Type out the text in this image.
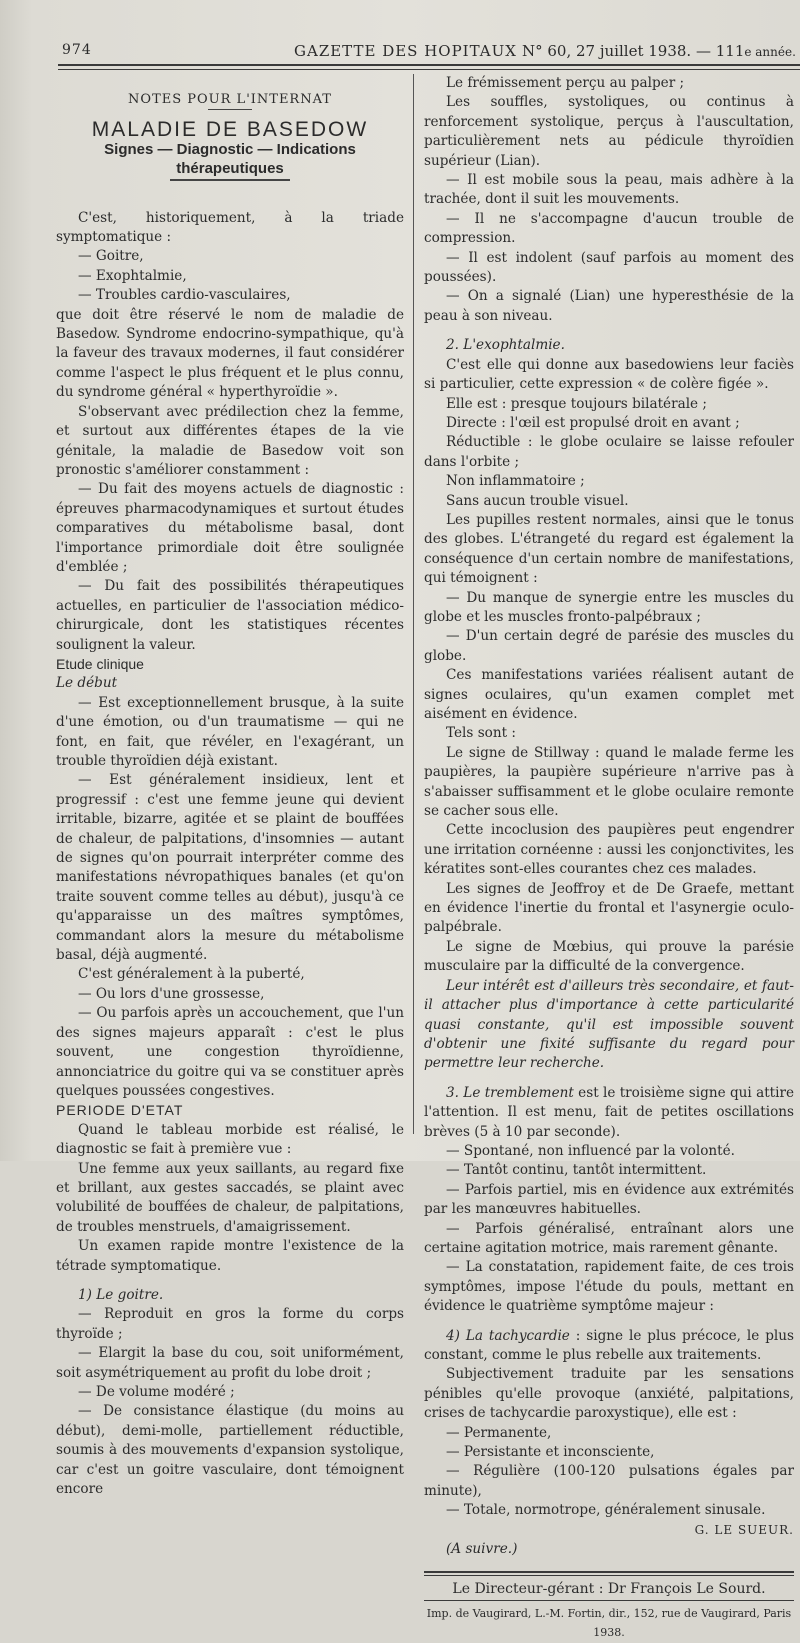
974	GAZETTE DES HOPITAUX N° 60, 27 juillet 1938. — 111e année.

NOTES POUR L'INTERNAT

MALADIE DE BASEDOW

Signes — Diagnostic — Indications thérapeutiques

C'est, historiquement, à la triade symptomatique :

— Goitre,

— Exophtalmie,

— Troubles cardio-vasculaires,

que doit être réservé le nom de maladie de Basedow. Syndrome endocrino-sympathique, qu'à la faveur des travaux modernes, il faut considérer comme l'aspect le plus fréquent et le plus connu, du syndrome général « hyperthyroïdie ».

S'observant avec prédilection chez la femme, et surtout aux différentes étapes de la vie génitale, la maladie de Basedow voit son pronostic s'améliorer constamment :

— Du fait des moyens actuels de diagnostic : épreuves pharmacodynamiques et surtout études comparatives du métabolisme basal, dont l'importance primordiale doit être soulignée d'emblée ;

— Du fait des possibilités thérapeutiques actuelles, en particulier de l'association médico-chirurgicale, dont les statistiques récentes soulignent la valeur.

Etude clinique

Le début

— Est exceptionnellement brusque, à la suite d'une émotion, ou d'un traumatisme — qui ne font, en fait, que révéler, en l'exagérant, un trouble thyroïdien déjà existant.

— Est généralement insidieux, lent et progressif : c'est une femme jeune qui devient irritable, bizarre, agitée et se plaint de bouffées de chaleur, de palpitations, d'insomnies — autant de signes qu'on pourrait interpréter comme des manifestations névropathiques banales (et qu'on traite souvent comme telles au début), jusqu'à ce qu'apparaisse un des maîtres symptômes, commandant alors la mesure du métabolisme basal, déjà augmenté.

C'est généralement à la puberté,

— Ou lors d'une grossesse,

— Ou parfois après un accouchement, que l'un des signes majeurs apparaît : c'est le plus souvent, une congestion thyroïdienne, annonciatrice du goitre qui va se constituer après quelques poussées congestives.

PERIODE D'ETAT

Quand le tableau morbide est réalisé, le diagnostic se fait à première vue :

Une femme aux yeux saillants, au regard fixe et brillant, aux gestes saccadés, se plaint avec volubilité de bouffées de chaleur, de palpitations, de troubles menstruels, d'amaigrissement.

Un examen rapide montre l'existence de la tétrade symptomatique.

1) Le goitre.

— Reproduit en gros la forme du corps thyroïde ;

— Elargit la base du cou, soit uniformément, soit asymétriquement au profit du lobe droit ;

— De volume modéré ;

— De consistance élastique (du moins au début), demi-molle, partiellement réductible, soumis à des mouvements d'expansion systolique, car c'est un goitre vasculaire, dont témoignent encore

Le frémissement perçu au palper ;

Les souffles, systoliques, ou continus à renforcement systolique, perçus à l'auscultation, particulièrement nets au pédicule thyroïdien supérieur (Lian).

— Il est mobile sous la peau, mais adhère à la trachée, dont il suit les mouvements.

— Il ne s'accompagne d'aucun trouble de compression.

— Il est indolent (sauf parfois au moment des poussées).

— On a signalé (Lian) une hyperesthésie de la peau à son niveau.

2. L'exophtalmie.

C'est elle qui donne aux basedowiens leur faciès si particulier, cette expression « de colère figée ».

Elle est : presque toujours bilatérale ;

Directe : l'œil est propulsé droit en avant ;

Réductible : le globe oculaire se laisse refouler dans l'orbite ;

Non inflammatoire ;

Sans aucun trouble visuel.

Les pupilles restent normales, ainsi que le tonus des globes. L'étrangeté du regard est également la conséquence d'un certain nombre de manifestations, qui témoignent :

— Du manque de synergie entre les muscles du globe et les muscles fronto-palpébraux ;

— D'un certain degré de parésie des muscles du globe.

Ces manifestations variées réalisent autant de signes oculaires, qu'un examen complet met aisément en évidence.

Tels sont :

Le signe de Stillway : quand le malade ferme les paupières, la paupière supérieure n'arrive pas à s'abaisser suffisamment et le globe oculaire remonte se cacher sous elle.

Cette incoclusion des paupières peut engendrer une irritation cornéenne : aussi les conjonctivites, les kératites sont-elles courantes chez ces malades.

Les signes de Jeoffroy et de De Graefe, mettant en évidence l'inertie du frontal et l'asynergie oculo-palpébrale.

Le signe de Mœbius, qui prouve la parésie musculaire par la difficulté de la convergence.

Leur intérêt est d'ailleurs très secondaire, et faut-il attacher plus d'importance à cette particularité quasi constante, qu'il est impossible souvent d'obtenir une fixité suffisante du regard pour permettre leur recherche.

3. Le tremblement est le troisième signe qui attire l'attention. Il est menu, fait de petites oscillations brèves (5 à 10 par seconde).

— Spontané, non influencé par la volonté.

— Tantôt continu, tantôt intermittent.

— Parfois partiel, mis en évidence aux extrémités par les manœuvres habituelles.

— Parfois généralisé, entraînant alors une certaine agitation motrice, mais rarement gênante.

— La constatation, rapidement faite, de ces trois symptômes, impose l'étude du pouls, mettant en évidence le quatrième symptôme majeur :

4) La tachycardie : signe le plus précoce, le plus constant, comme le plus rebelle aux traitements.

Subjectivement traduite par les sensations pénibles qu'elle provoque (anxiété, palpitations, crises de tachycardie paroxystique), elle est :

— Permanente,

— Persistante et inconsciente,

— Régulière (100-120 pulsations égales par minute),

— Totale, normotrope, généralement sinusale.

G. LE SUEUR.

(A suivre.)

Le Directeur-gérant : Dr François Le Sourd.

Imp. de Vaugirard, L.-M. Fortin, dir., 152, rue de Vaugirard, Paris 1938.
